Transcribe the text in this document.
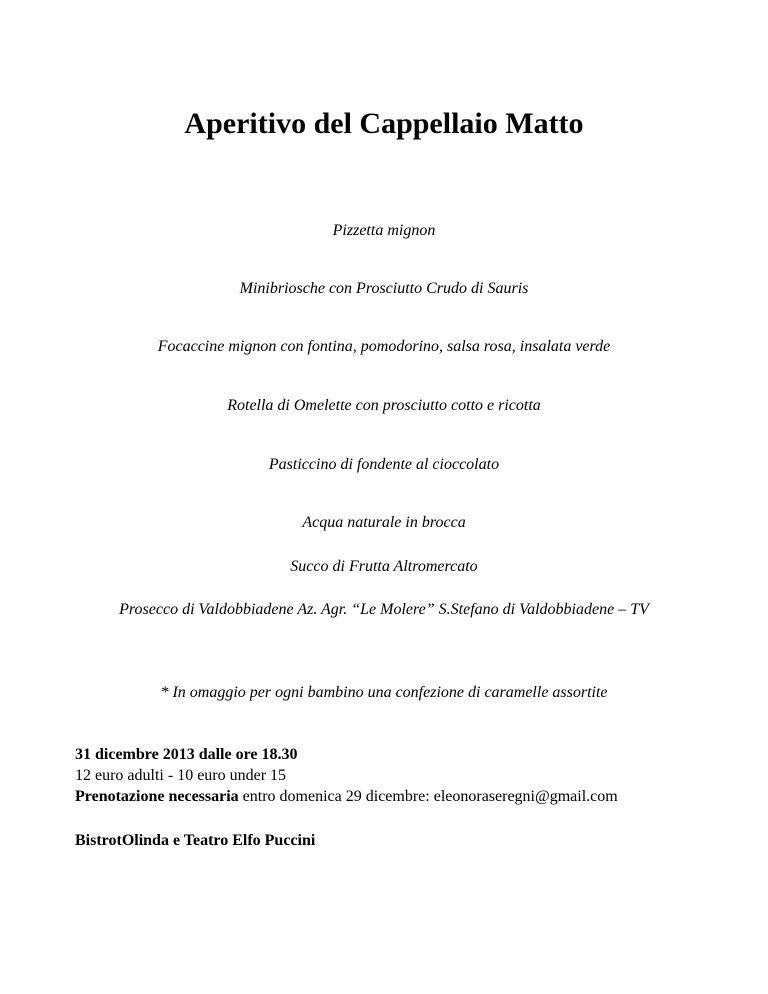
Aperitivo del Cappellaio Matto
Pizzetta mignon
Minibriosche con Prosciutto Crudo di Sauris
Focaccine mignon con fontina, pomodorino, salsa rosa, insalata verde
Rotella di Omelette con prosciutto cotto e ricotta
Pasticcino di fondente al cioccolato
Acqua naturale in brocca
Succo di Frutta Altromercato
Prosecco di Valdobbiadene Az. Agr. “Le Molere” S.Stefano di Valdobbiadene – TV
* In omaggio per ogni bambino una confezione di caramelle assortite
31 dicembre 2013 dalle ore 18.30
12 euro adulti - 10 euro under 15
Prenotazione necessaria entro domenica 29 dicembre: eleonoraseregni@gmail.com
BistrotOlinda e Teatro Elfo Puccini
